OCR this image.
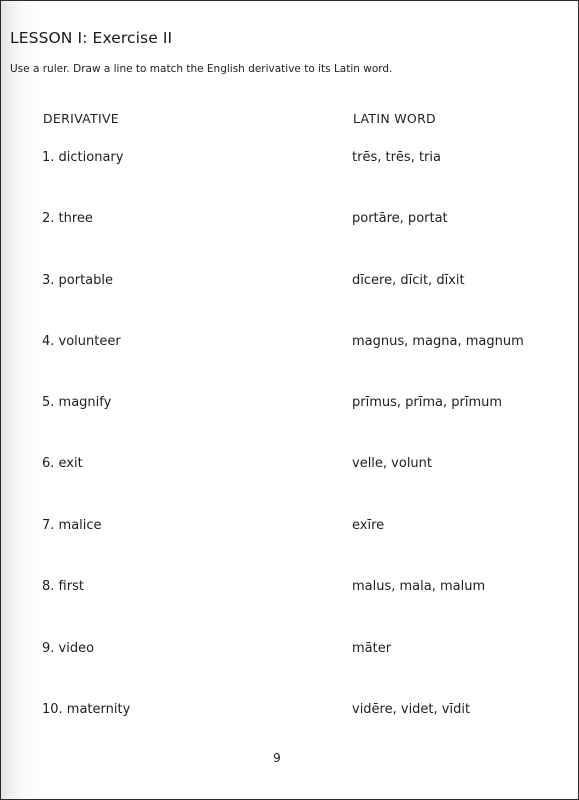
LESSON I: Exercise II
Use a ruler. Draw a line to match the English derivative to its Latin word.
DERIVATIVE	LATIN WORD
1. dictionary	trēs, trēs, tria
2. three	portāre, portat
3. portable	dīcere, dīcit, dīxit
4. volunteer	magnus, magna, magnum
5. magnify	prīmus, prīma, prīmum
6. exit	velle, volunt
7. malice	exīre
8. first	malus, mala, malum
9. video	māter
10. maternity	vidēre, videt, vīdit
9
